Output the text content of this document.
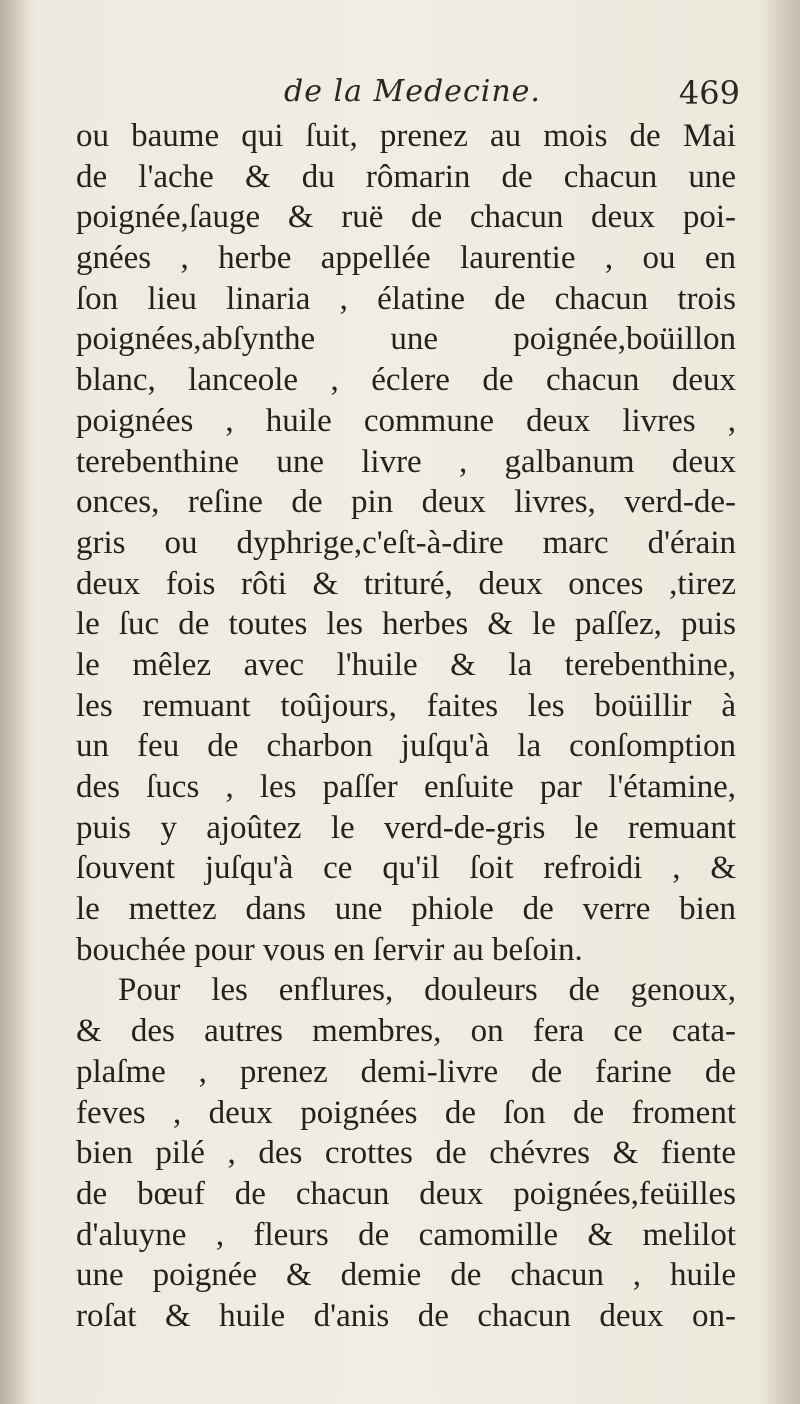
de la Medecine.	469
ou baume qui ſuit, prenez au mois de Mai
de l'ache & du rômarin de chacun une
poignée,ſauge & ruë de chacun deux poi-
gnées , herbe appellée laurentie , ou en
ſon lieu linaria , élatine de chacun trois
poignées,abſynthe une poignée,boüillon
blanc, lanceole , éclere de chacun deux
poignées , huile commune deux livres ,
terebenthine une livre , galbanum deux
onces, reſine de pin deux livres, verd-de-
gris ou dyphrige,c'eſt-à-dire marc d'érain
deux fois rôti & trituré, deux onces ,tirez
le ſuc de toutes les herbes & le paſſez, puis
le mêlez avec l'huile & la terebenthine,
les remuant toûjours, faites les boüillir à
un feu de charbon juſqu'à la conſomption
des ſucs , les paſſer enſuite par l'étamine,
puis y ajoûtez le verd-de-gris le remuant
ſouvent juſqu'à ce qu'il ſoit refroidi , &
le mettez dans une phiole de verre bien
bouchée pour vous en ſervir au beſoin.
Pour les enflures, douleurs de genoux,
& des autres membres, on fera ce cata-
plaſme , prenez demi-livre de farine de
feves , deux poignées de ſon de froment
bien pilé , des crottes de chévres & fiente
de bœuf de chacun deux poignées,feüilles
d'aluyne , fleurs de camomille & melilot
une poignée & demie de chacun , huile
roſat & huile d'anis de chacun deux on-
